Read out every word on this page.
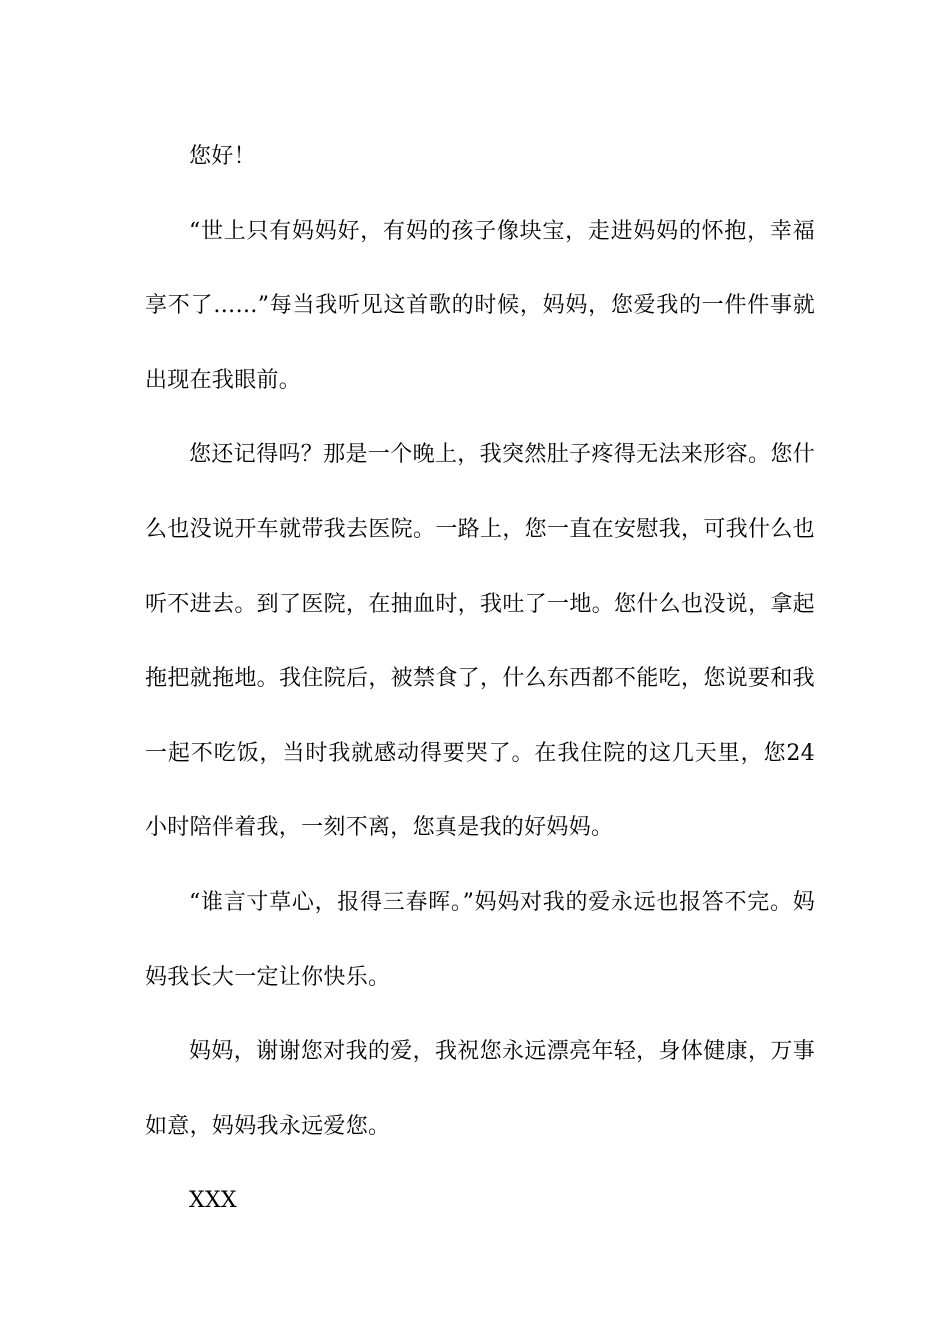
您好！

“世上只有妈妈好，有妈的孩子像块宝，走进妈妈的怀抱，幸福享不了……”每当我听见这首歌的时候，妈妈，您爱我的一件件事就出现在我眼前。

您还记得吗？那是一个晚上，我突然肚子疼得无法来形容。您什么也没说开车就带我去医院。一路上，您一直在安慰我，可我什么也听不进去。到了医院，在抽血时，我吐了一地。您什么也没说，拿起拖把就拖地。我住院后，被禁食了，什么东西都不能吃，您说要和我一起不吃饭，当时我就感动得要哭了。在我住院的这几天里，您24小时陪伴着我，一刻不离，您真是我的好妈妈。

“谁言寸草心，报得三春晖。”妈妈对我的爱永远也报答不完。妈妈我长大一定让你快乐。

妈妈，谢谢您对我的爱，我祝您永远漂亮年轻，身体健康，万事如意，妈妈我永远爱您。

XXX
